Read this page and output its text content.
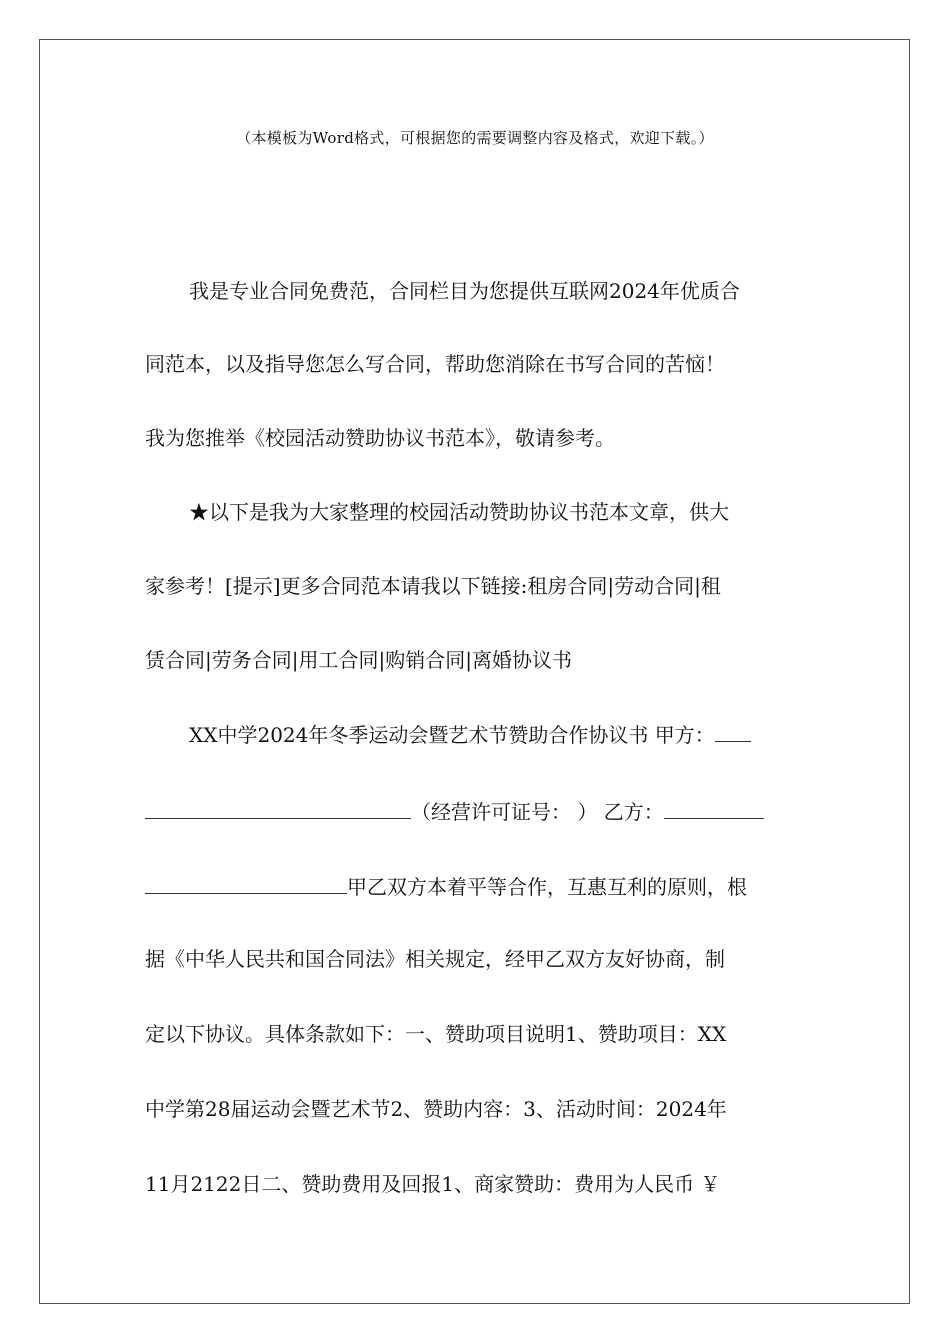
（本模板为Word格式，可根据您的需要调整内容及格式，欢迎下载。）
我是专业合同免费范，合同栏目为您提供互联网2024年优质合
同范本，以及指导您怎么写合同，帮助您消除在书写合同的苦恼！
我为您推举《校园活动赞助协议书范本》，敬请参考。
★以下是我为大家整理的校园活动赞助协议书范本文章，供大
家参考！[提示]更多合同范本请我以下链接:租房合同|劳动合同|租
赁合同|劳务合同|用工合同|购销合同|离婚协议书
XX中学2024年冬季运动会暨艺术节赞助合作协议书 甲方：
（经营许可证号： ） 乙方：
甲乙双方本着平等合作，互惠互利的原则，根
据《中华人民共和国合同法》相关规定，经甲乙双方友好协商，制
定以下协议。具体条款如下：一、赞助项目说明1、赞助项目：XX
中学第28届运动会暨艺术节2、赞助内容：3、活动时间：2024年
11月2122日二、赞助费用及回报1、商家赞助：费用为人民币 ￥
